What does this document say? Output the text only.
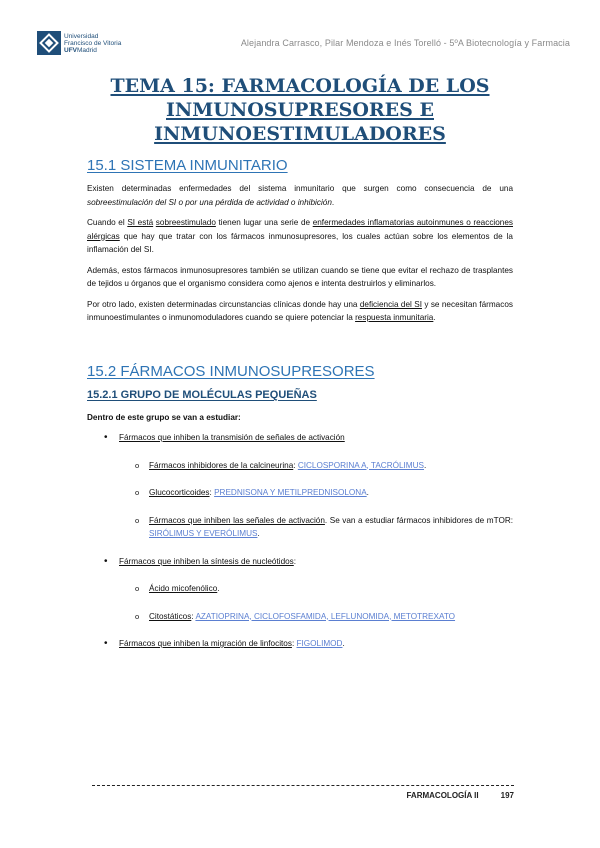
Universidad
Francisco de Vitoria
UFVMadrid
Alejandra Carrasco, Pilar Mendoza e Inés Torelló - 5ºA Biotecnología y Farmacia
TEMA 15: FARMACOLOGÍA DE LOS
INMUNOSUPRESORES E
INMUNOESTIMULADORES
15.1 SISTEMA INMUNITARIO

Existen determinadas enfermedades del sistema inmunitario que surgen como consecuencia de una sobreestimulación del SI o por una pérdida de actividad o inhibición.

Cuando el SI está sobreestimulado tienen lugar una serie de enfermedades inflamatorias autoinmunes o reacciones alérgicas que hay que tratar con los fármacos inmunosupresores, los cuales actúan sobre los elementos de la inflamación del SI.

Además, estos fármacos inmunosupresores también se utilizan cuando se tiene que evitar el rechazo de trasplantes de tejidos u órganos que el organismo considera como ajenos e intenta destruirlos y eliminarlos.

Por otro lado, existen determinadas circunstancias clínicas donde hay una deficiencia del SI y se necesitan fármacos inmunoestimulantes o inmunomoduladores cuando se quiere potenciar la respuesta inmunitaria.

15.2 FÁRMACOS INMUNOSUPRESORES
15.2.1 GRUPO DE MOLÉCULAS PEQUEÑAS

Dentro de este grupo se van a estudiar:

• Fármacos que inhiben la transmisión de señales de activación
o Fármacos inhibidores de la calcineurina: CICLOSPORINA A, TACRÓLIMUS.
o Glucocorticoides: PREDNISONA Y METILPREDNISOLONA.
o Fármacos que inhiben las señales de activación. Se van a estudiar fármacos inhibidores de mTOR: SIRÓLIMUS Y EVERÓLIMUS.
• Fármacos que inhiben la síntesis de nucleótidos:
o Ácido micofenólico.
o Citostáticos: AZATIOPRINA, CICLOFOSFAMIDA, LEFLUNOMIDA, METOTREXATO
• Fármacos que inhiben la migración de linfocitos: FIGOLIMOD.
FARMACOLOGÍA II	197
